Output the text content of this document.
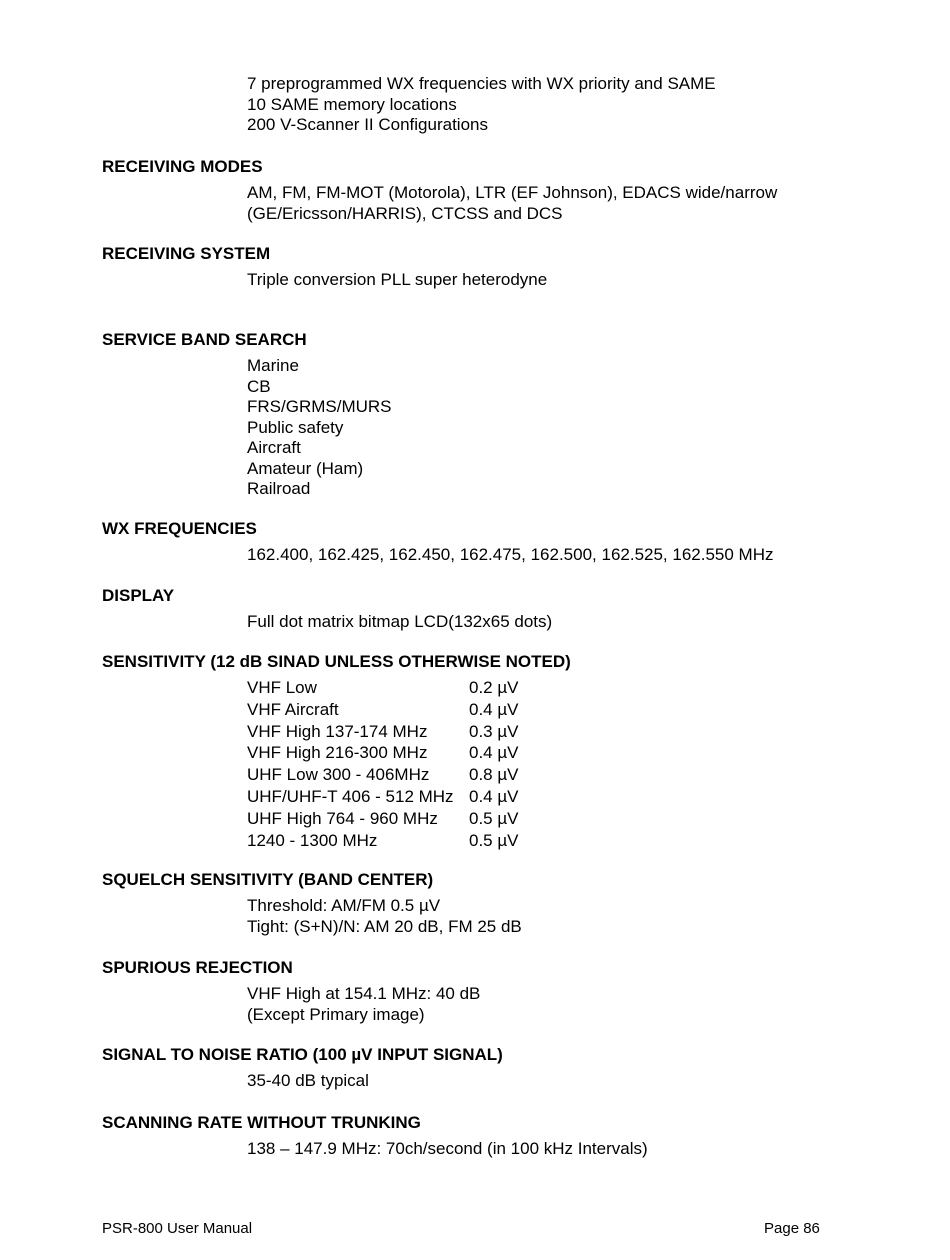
7 preprogrammed WX frequencies with WX priority and SAME
10 SAME memory locations
200 V-Scanner II Configurations
RECEIVING MODES
AM, FM, FM-MOT (Motorola), LTR (EF Johnson), EDACS wide/narrow
(GE/Ericsson/HARRIS), CTCSS and DCS
RECEIVING SYSTEM
Triple conversion PLL super heterodyne
SERVICE BAND SEARCH
Marine
CB
FRS/GRMS/MURS
Public safety
Aircraft
Amateur (Ham)
Railroad
WX FREQUENCIES
162.400, 162.425, 162.450, 162.475, 162.500, 162.525, 162.550 MHz
DISPLAY
Full dot matrix bitmap LCD(132x65 dots)
SENSITIVITY (12 dB SINAD UNLESS OTHERWISE NOTED)
VHF Low	0.2 µV
VHF Aircraft	0.4 µV
VHF High 137-174 MHz	0.3 µV
VHF High 216-300 MHz	0.4 µV
UHF Low 300 - 406MHz	0.8 µV
UHF/UHF-T 406 - 512 MHz 0.4 µV
UHF High 764 - 960 MHz	0.5 µV
1240 - 1300 MHz	0.5 µV
SQUELCH SENSITIVITY (BAND CENTER)
Threshold: AM/FM 0.5 µV
Tight: (S+N)/N: AM 20 dB, FM 25 dB
SPURIOUS REJECTION
VHF High at 154.1 MHz: 40 dB
(Except Primary image)
SIGNAL TO NOISE RATIO (100 µV INPUT SIGNAL)
35-40 dB typical
SCANNING RATE WITHOUT TRUNKING
138 – 147.9 MHz: 70ch/second (in 100 kHz Intervals)
PSR-800 User Manual	Page 86
